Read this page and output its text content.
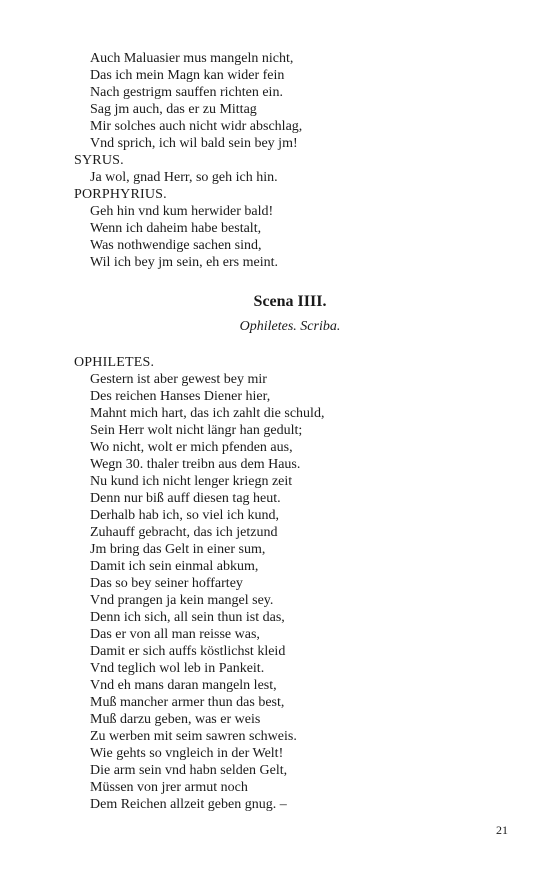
Auch Maluasier mus mangeln nicht,
Das ich mein Magn kan wider fein
Nach gestrigm sauffen richten ein.
Sag jm auch, das er zu Mittag
Mir solches auch nicht widr abschlag,
Vnd sprich, ich wil bald sein bey jm!
SYRUS.
Ja wol, gnad Herr, so geh ich hin.
PORPHYRIUS.
Geh hin vnd kum herwider bald!
Wenn ich daheim habe bestalt,
Was nothwendige sachen sind,
Wil ich bey jm sein, eh ers meint.
Scena IIII.
Ophiletes. Scriba.
OPHILETES.
Gestern ist aber gewest bey mir
Des reichen Hanses Diener hier,
Mahnt mich hart, das ich zahlt die schuld,
Sein Herr wolt nicht längr han gedult;
Wo nicht, wolt er mich pfenden aus,
Wegn 30. thaler treibn aus dem Haus.
Nu kund ich nicht lenger kriegn zeit
Denn nur biß auff diesen tag heut.
Derhalb hab ich, so viel ich kund,
Zuhauff gebracht, das ich jetzund
Jm bring das Gelt in einer sum,
Damit ich sein einmal abkum,
Das so bey seiner hoffartey
Vnd prangen ja kein mangel sey.
Denn ich sich, all sein thun ist das,
Das er von all man reisse was,
Damit er sich auffs köstlichst kleid
Vnd teglich wol leb in Pankeit.
Vnd eh mans daran mangeln lest,
Muß mancher armer thun das best,
Muß darzu geben, was er weis
Zu werben mit seim sawren schweis.
Wie gehts so vngleich in der Welt!
Die arm sein vnd habn selden Gelt,
Müssen von jrer armut noch
Dem Reichen allzeit geben gnug. –
21
